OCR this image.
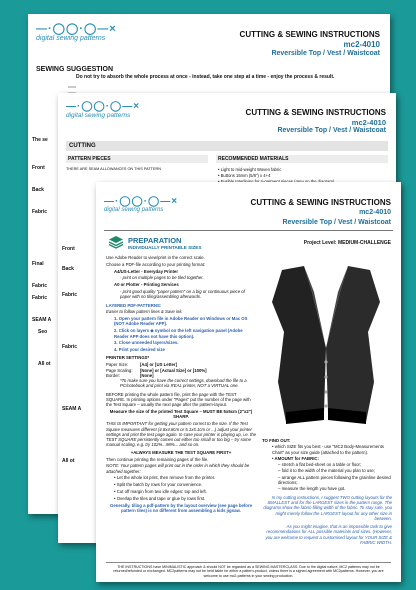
—·◯◯·◯—×
digital sewing patterns	CUTTING & SEWING INSTRUCTIONS
mc2-4010
Reversible Top / Vest / Waistcoat
SEWING SUGGESTION
Do not try to absorb the whole process at once - instead, take one step at a time - enjoy the process & result.
The se
Front
Back
Fabric
Final
Fabric
Fabric
SEAM A
Seo
All ot
—·◯◯·◯—×
digital sewing patterns	CUTTING & SEWING INSTRUCTIONS
mc2-4010
Reversible Top / Vest / Waistcoat
CUTTING
PATTERN PIECES	RECOMMENDED MATERIALS
THERE ARE SEAM ALLOWANCES ON THIS PATTERN	• Light to mid-weight Woven fabric
• Buttons 15mm (5/8") x 4+4
Front
Back
Fabric
Fabric
SEAM A
All ot
—·◯◯·◯—×
digital sewing patterns
CUTTING & SEWING INSTRUCTIONS
mc2-4010
Reversible Top / Vest / Waistcoat
PREPARATION
INDIVIDUALLY PRINTABLE SIZES
Project Level: MEDIUM-CHALLENGE

Use Adobe Reader to view/print in the correct scale.

Choose a PDF-file according to your printing format:

A4/US-Letter - Everyday Printer

- print on multiple pages to be tiled together.

A0 or Plotter - Printing Services

- print good quality "paper pattern" on a big or continuous piece of paper with no tiling/assembling afterwards.

LAYERED PDF-PATTERNS:

Easier to follow pattern lines & Save ink.

1. Open your pattern file in Adobe Reader on Windows or Mac OS (NOT Adobe Reader APP).

2. Click on layers ◈ symbol on the left navigation panel (Adobe Reader APP does not have this option).

3. Close unneeded layers/sizes.

4. Print your desired size

PRINTER SETTINGS*

Paper Size:	[A4] or [US Letter]
Page Scaling:	[None] or [Actual Size] or [100%]
Border:	[None]

*To make sure you have the correct settings, download the file to a PC/notebook and print via REAL printer, NOT a VIRTUAL one.

BEFORE printing the whole pattern file, print the page with the TEST SQUARE. In printing options under "Pages" put the number of the page with the Test Square – usually the next page after the pattern-layout.

Measure the size of the printed Test Square – MUST BE 5x5cm (2"x2") SHARP.

THIS IS IMPORTANT for getting your pattern correct to the size. If the Test Square measures different (4.8x4.8cm or 5.1x5.1cm or ...) adjust your printer settings and print the test page again. In case your printer is playing up, i.e. the TEST SQUARE persistently comes out either too small or too big – try some manual scaling, e.g. try 102%...98%... and so on.

+ALWAYS MEASURE THE TEST SQUARE FIRST+

Then continue printing the remaining pages of the file.

NOTE: Your pattern pages will print out in the order in which they should be attached together:

• Let the whole lot print, then remove from the printer.

• Split the batch by rows for your convenience.

• Cut off margin from two idle edges: top and left.

• Overlap the tiles and tape or glue by rows first.

Generally, tiling a pdf-pattern by the layout overview (see page before pattern tiles) is no different from assembling a kids jigsaw.

TO FIND OUT:

• which SIZE fits you best - use "MC2 Body-Measurements Chart" as your size guide (attached to the pattern).

• AMOUNT for FABRIC:

– stretch a flat bed-sheet on a table or floor;

– fold it to the width of the material you plan to use;

– arrange ALL pattern pieces following the grainline desired directions;

– measure the length you have got.

In my cutting instructions, I suggest TWO cutting layouts for the SMALLEST and for the LARGEST sizes in the pattern range. The diagrams show the fabric-filling width of the fabric. To stay safe, you might merely follow the LARGEST layout for any other size in between.

As you might imagine, that is an impossible task to give recommendations for ALL possible materials and sizes. (However, you are welcome to request a customised layout for YOUR SIZE & FABRIC WIDTH.

THE INSTRUCTIONS have MINIMALISTIC approach & should NOT be regarded as a SEWING MASTERCLASS. Due to the digital nature, MC2 patterns may not be returned/refunded or exchanged. MC2patterns may not be held liable for either a pattern-product, unless there is a signed agreement with MC2patterns. However, you are welcome to use mc2-patterns in your sewing production.
